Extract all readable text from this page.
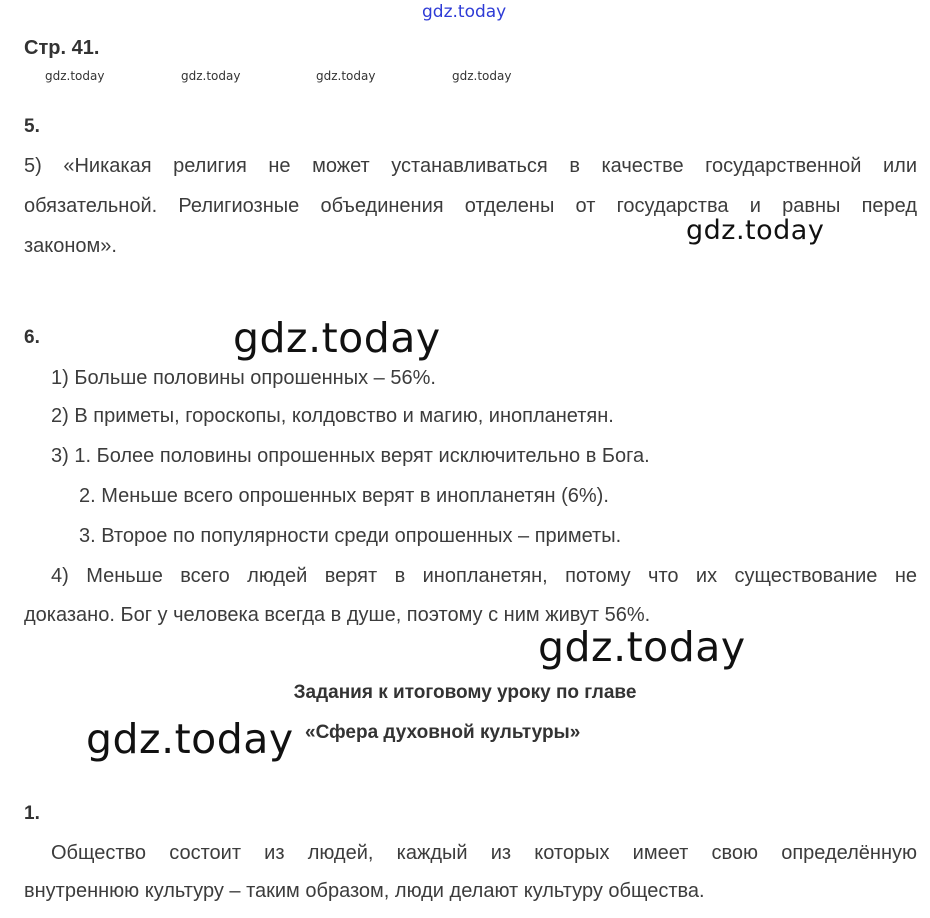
gdz.today
Стр. 41.
gdz.today	gdz.today	gdz.today	gdz.today
5.
5) «Никакая религия не может устанавливаться в качестве государственной или
обязательной. Религиозные объединения отделены от государства и равны перед
законом».	gdz.today
6.	gdz.today
1) Больше половины опрошенных – 56%.
2) В приметы, гороскопы, колдовство и магию, инопланетян.
3) 1. Более половины опрошенных верят исключительно в Бога.
2. Меньше всего опрошенных верят в инопланетян (6%).
3. Второе по популярности среди опрошенных – приметы.
4) Меньше всего людей верят в инопланетян, потому что их существование не
доказано. Бог у человека всегда в душе, поэтому с ним живут 56%.
gdz.today
Задания к итоговому уроку по главе
«Сфера духовной культуры»
gdz.today
1.
Общество состоит из людей, каждый из которых имеет свою определённую
внутреннюю культуру – таким образом, люди делают культуру общества.
